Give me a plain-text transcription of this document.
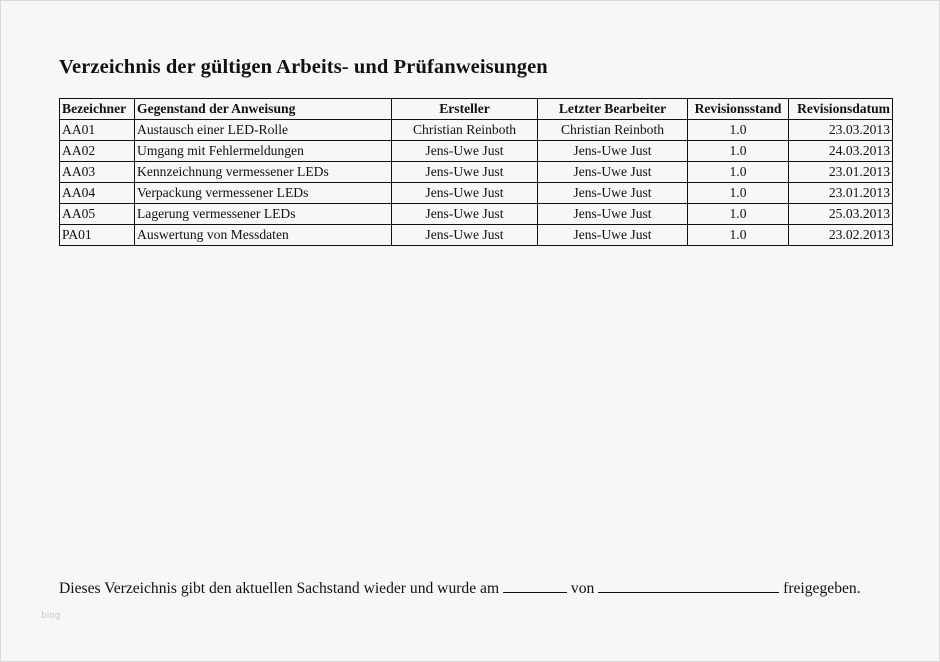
Verzeichnis der gültigen Arbeits- und Prüfanweisungen
Bezeichner	Gegenstand der Anweisung	Ersteller	Letzter Bearbeiter	Revisionsstand	Revisionsdatum
AA01	Austausch einer LED-Rolle	Christian Reinboth	Christian Reinboth	1.0	23.03.2013
AA02	Umgang mit Fehlermeldungen	Jens-Uwe Just	Jens-Uwe Just	1.0	24.03.2013
AA03	Kennzeichnung vermessener LEDs	Jens-Uwe Just	Jens-Uwe Just	1.0	23.01.2013
AA04	Verpackung vermessener LEDs	Jens-Uwe Just	Jens-Uwe Just	1.0	23.01.2013
AA05	Lagerung vermessener LEDs	Jens-Uwe Just	Jens-Uwe Just	1.0	25.03.2013
PA01	Auswertung von Messdaten	Jens-Uwe Just	Jens-Uwe Just	1.0	23.02.2013
Dieses Verzeichnis gibt den aktuellen Sachstand wieder und wurde am	von	freigegeben.
blog
